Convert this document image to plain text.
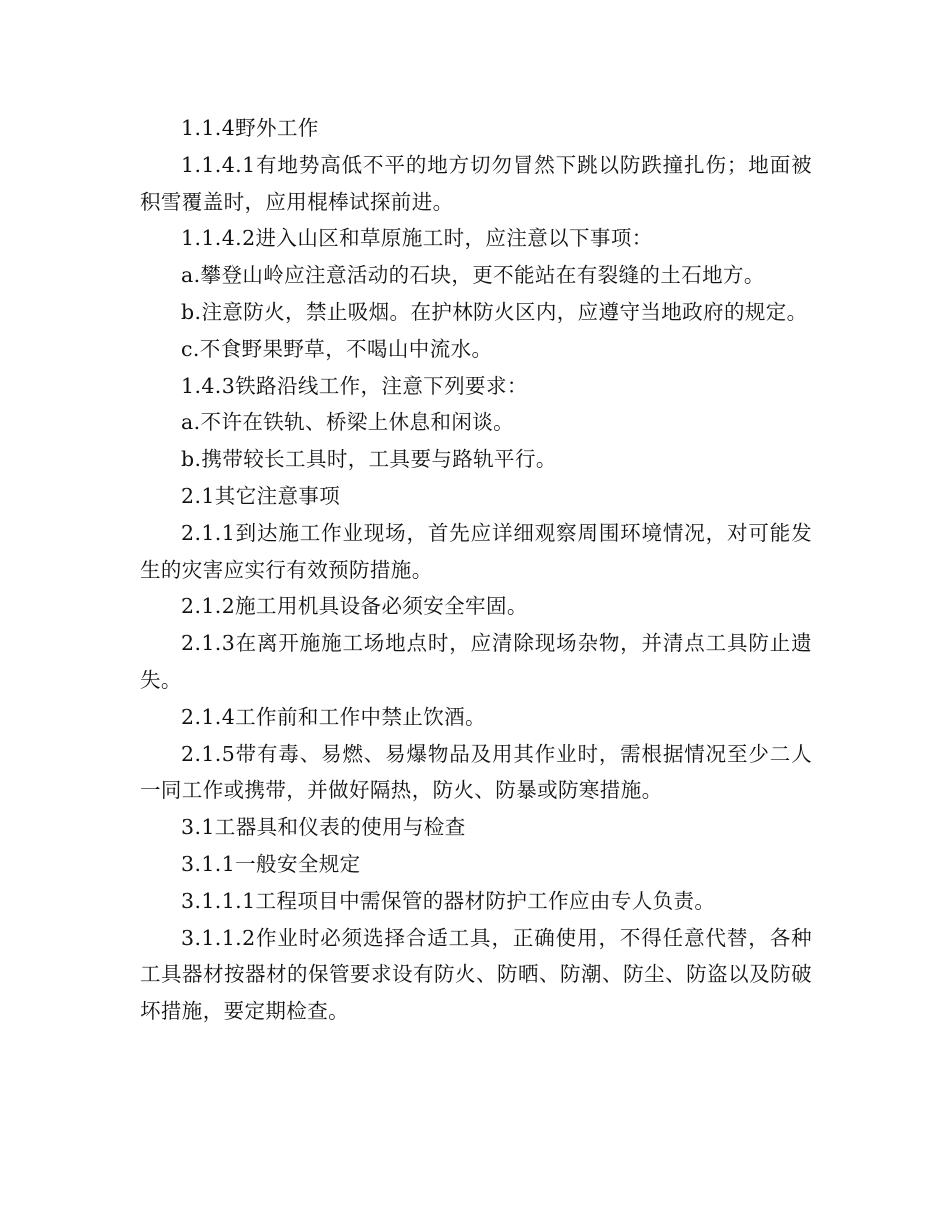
1.1.4野外工作

1.1.4.1有地势高低不平的地方切勿冒然下跳以防跌撞扎伤；地面被积雪覆盖时，应用棍棒试探前进。

1.1.4.2进入山区和草原施工时，应注意以下事项：

a.攀登山岭应注意活动的石块，更不能站在有裂缝的土石地方。

b.注意防火，禁止吸烟。在护林防火区内，应遵守当地政府的规定。

c.不食野果野草，不喝山中流水。

1.4.3铁路沿线工作，注意下列要求：

a.不许在铁轨、桥梁上休息和闲谈。

b.携带较长工具时，工具要与路轨平行。

2.1其它注意事项

2.1.1到达施工作业现场，首先应详细观察周围环境情况，对可能发生的灾害应实行有效预防措施。

2.1.2施工用机具设备必须安全牢固。

2.1.3在离开施施工场地点时，应清除现场杂物，并清点工具防止遗失。

2.1.4工作前和工作中禁止饮酒。

2.1.5带有毒、易燃、易爆物品及用其作业时，需根据情况至少二人一同工作或携带，并做好隔热，防火、防暴或防寒措施。

3.1工器具和仪表的使用与检查

3.1.1一般安全规定

3.1.1.1工程项目中需保管的器材防护工作应由专人负责。

3.1.1.2作业时必须选择合适工具，正确使用，不得任意代替，各种工具器材按器材的保管要求设有防火、防晒、防潮、防尘、防盗以及防破坏措施，要定期检查。
